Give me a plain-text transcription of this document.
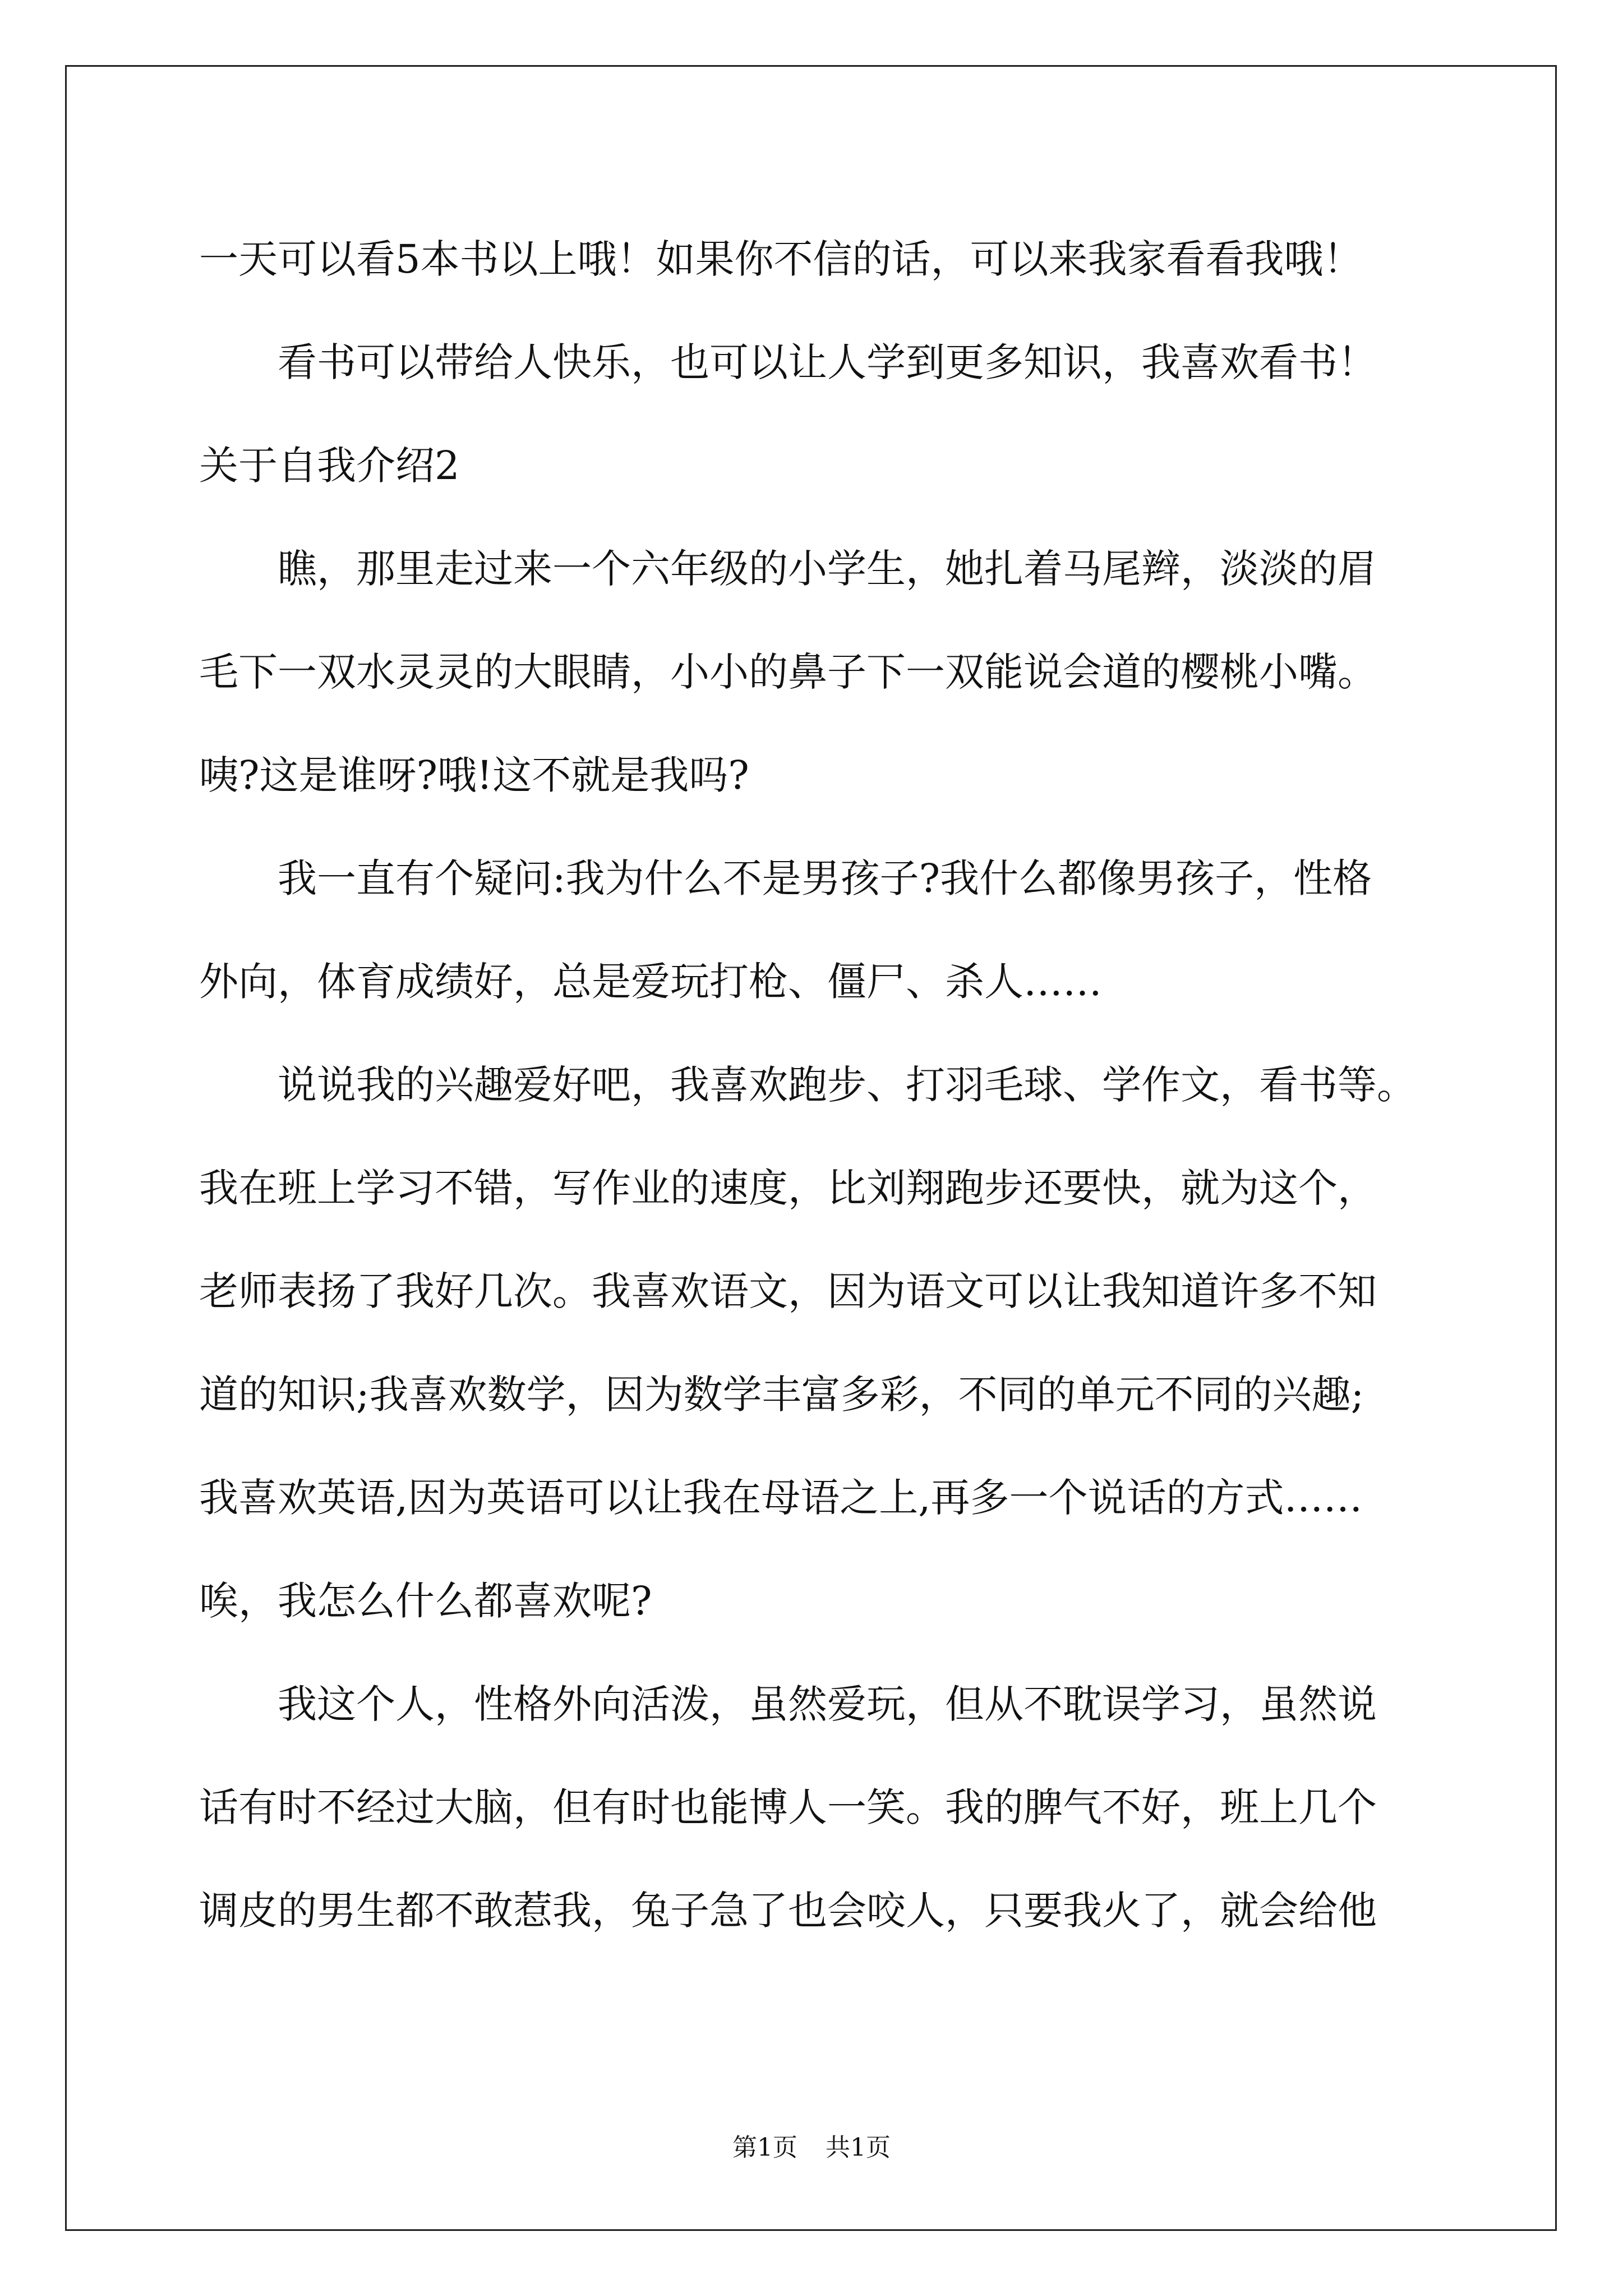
一天可以看5本书以上哦！如果你不信的话，可以来我家看看我哦！
看书可以带给人快乐，也可以让人学到更多知识，我喜欢看书！
关于自我介绍2
瞧，那里走过来一个六年级的小学生，她扎着马尾辫，淡淡的眉
毛下一双水灵灵的大眼睛，小小的鼻子下一双能说会道的樱桃小嘴。
咦?这是谁呀?哦!这不就是我吗?
我一直有个疑问:我为什么不是男孩子?我什么都像男孩子，性格
外向，体育成绩好，总是爱玩打枪、僵尸、杀人……
说说我的兴趣爱好吧，我喜欢跑步、打羽毛球、学作文，看书等。
我在班上学习不错，写作业的速度，比刘翔跑步还要快，就为这个，
老师表扬了我好几次。我喜欢语文，因为语文可以让我知道许多不知
道的知识;我喜欢数学，因为数学丰富多彩，不同的单元不同的兴趣;
我喜欢英语,因为英语可以让我在母语之上,再多一个说话的方式……
唉，我怎么什么都喜欢呢?
我这个人，性格外向活泼，虽然爱玩，但从不耽误学习，虽然说
话有时不经过大脑，但有时也能博人一笑。我的脾气不好，班上几个
调皮的男生都不敢惹我，兔子急了也会咬人，只要我火了，就会给他
第1页 共1页
